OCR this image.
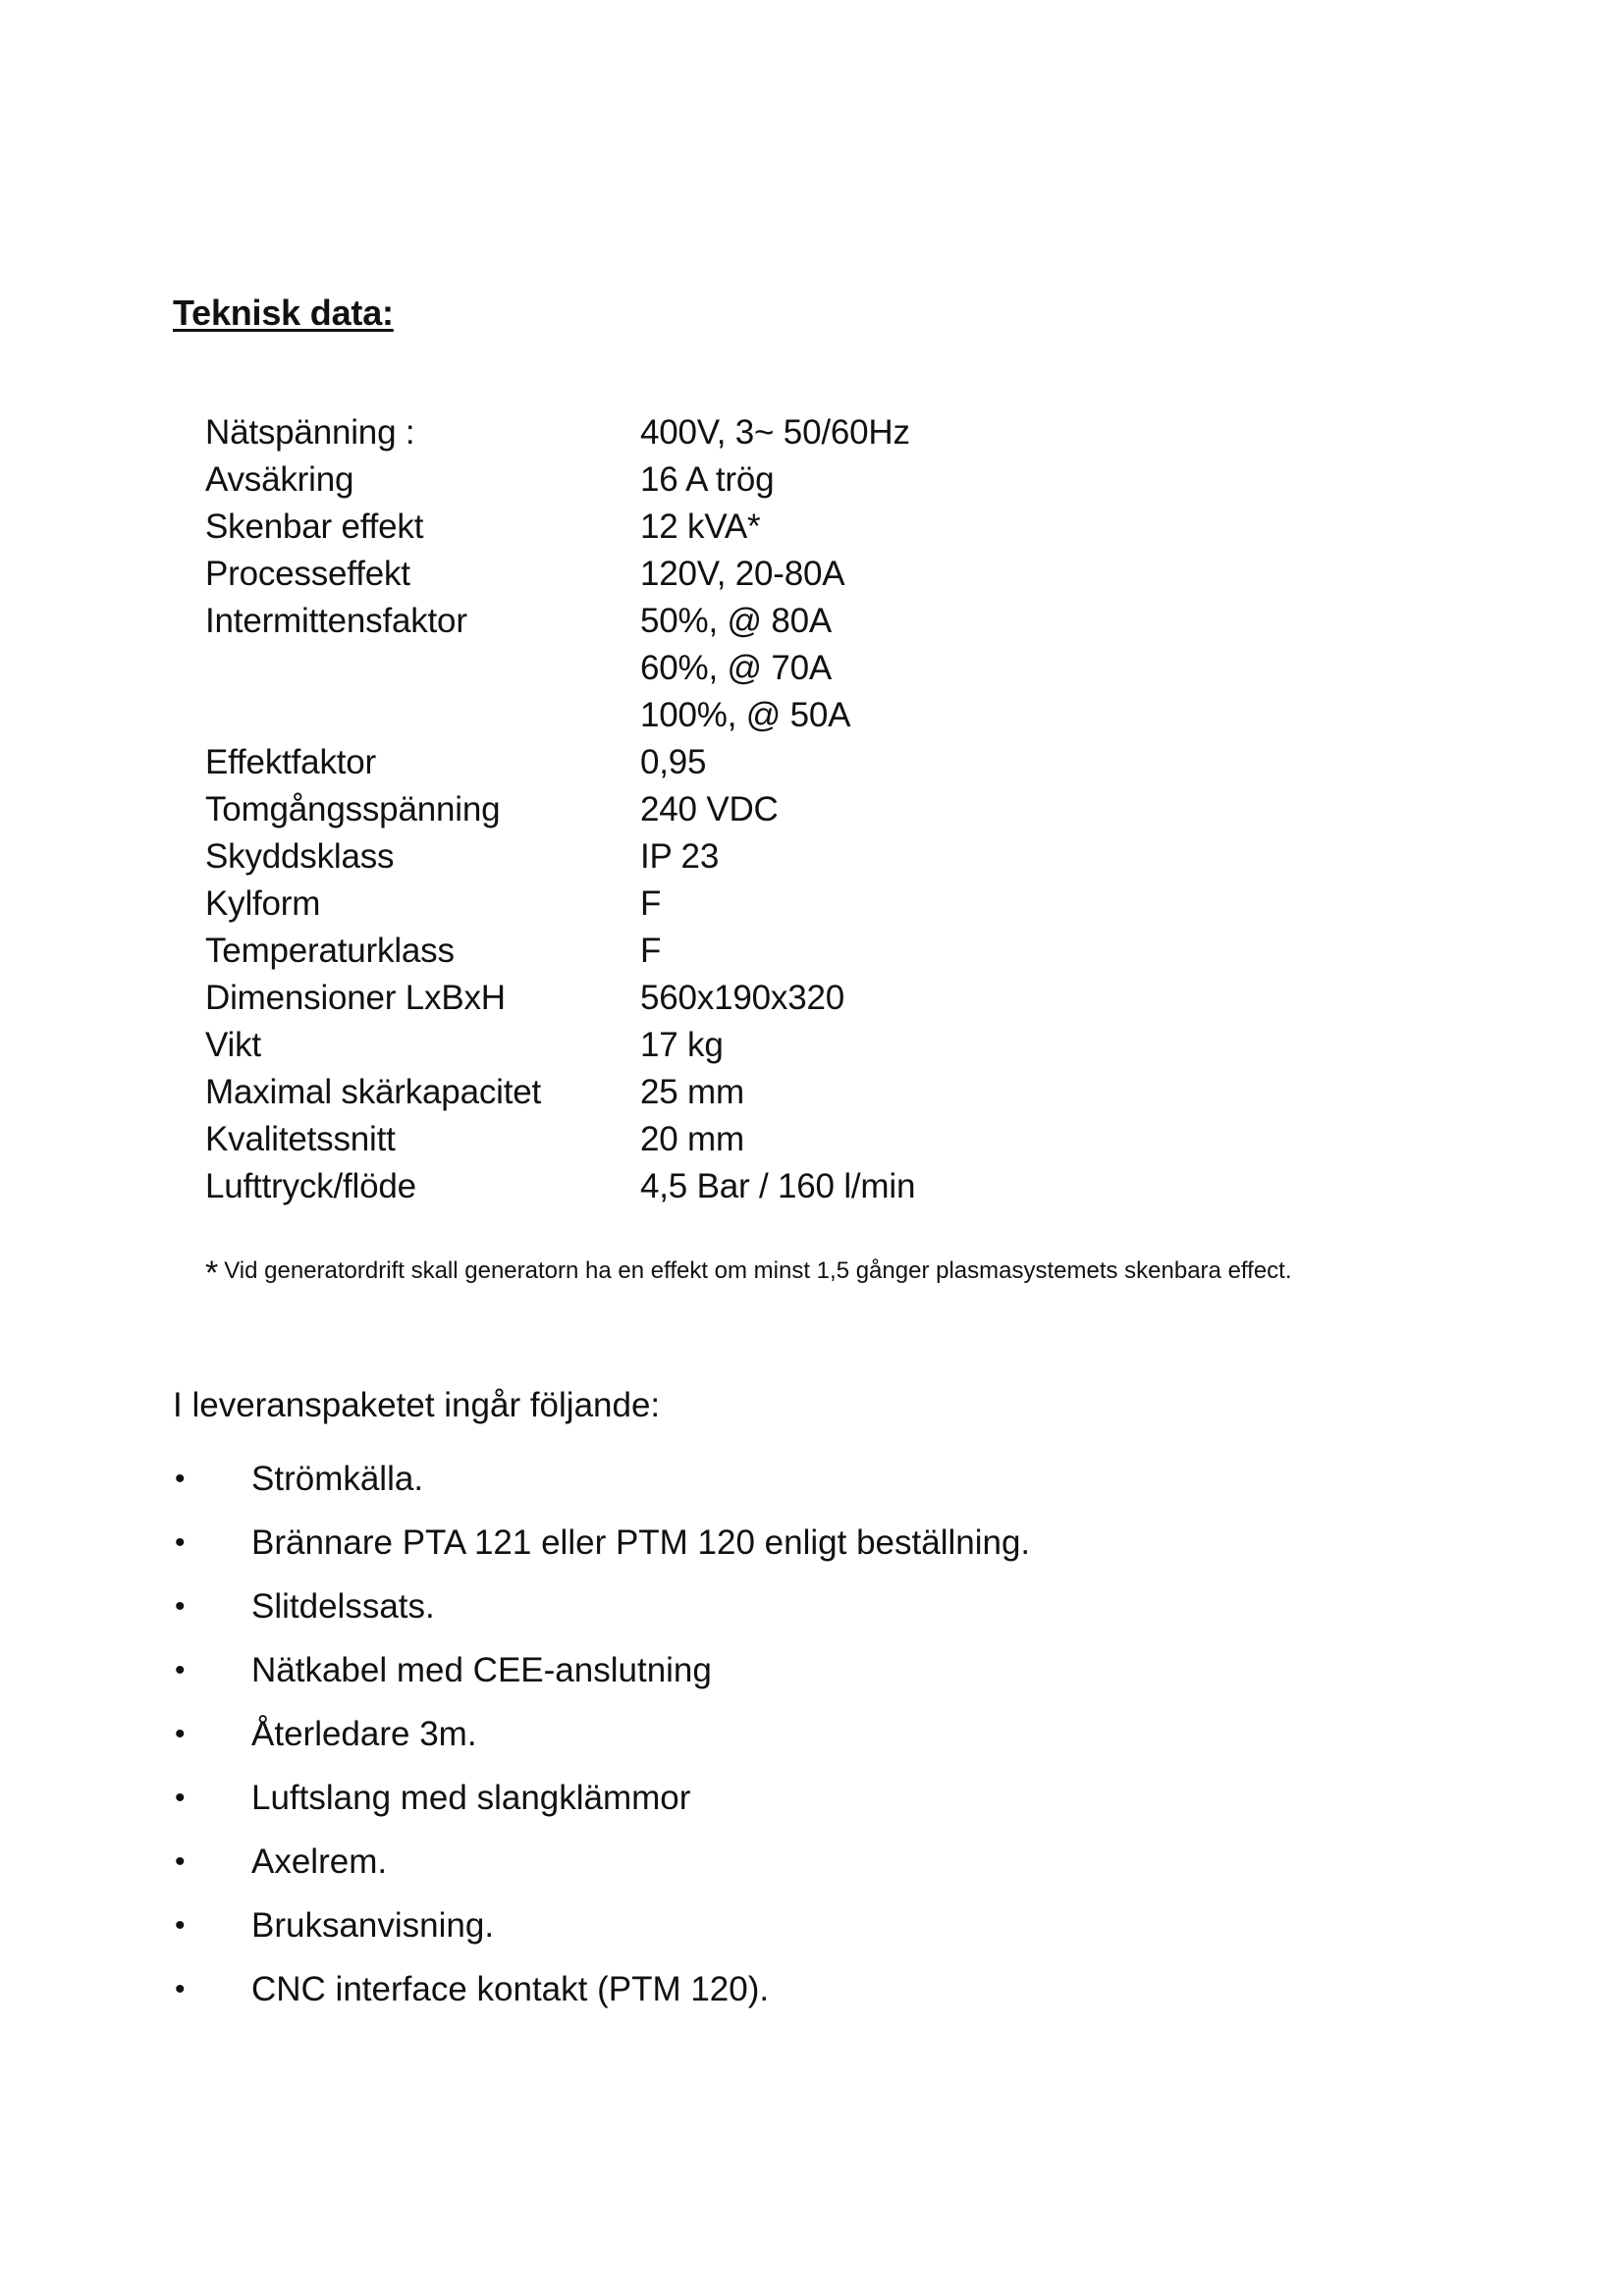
Teknisk data:
Nätspänning :	400V, 3~ 50/60Hz
Avsäkring	16 A trög
Skenbar effekt	12 kVA*
Processeffekt	120V, 20-80A
Intermittensfaktor	50%, @ 80A
60%, @ 70A
100%, @ 50A
Effektfaktor	0,95
Tomgångsspänning	240 VDC
Skyddsklass	IP 23
Kylform	F
Temperaturklass	F
Dimensioner LxBxH	560x190x320
Vikt	17 kg
Maximal skärkapacitet	25 mm
Kvalitetssnitt	20 mm
Lufttryck/flöde	4,5 Bar / 160 l/min
* Vid generatordrift skall generatorn ha en effekt om minst 1,5 gånger plasmasystemets skenbara effect.
I leveranspaketet ingår följande:
•	Strömkälla.
•	Brännare PTA 121 eller PTM 120 enligt beställning.
•	Slitdelssats.
•	Nätkabel med CEE-anslutning
•	Återledare 3m.
•	Luftslang med slangklämmor
•	Axelrem.
•	Bruksanvisning.
•	CNC interface kontakt (PTM 120).
